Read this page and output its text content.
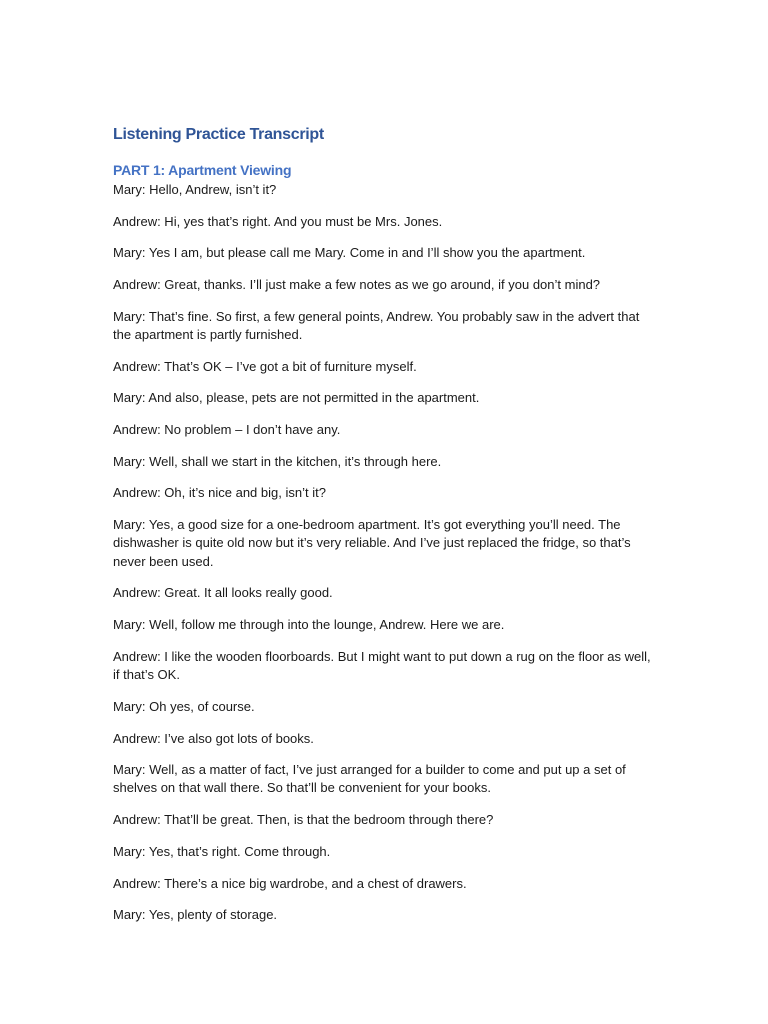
Listening Practice Transcript
PART 1: Apartment Viewing

Mary: Hello, Andrew, isn’t it?

Andrew: Hi, yes that’s right. And you must be Mrs. Jones.

Mary: Yes I am, but please call me Mary. Come in and I’ll show you the apartment.

Andrew: Great, thanks. I’ll just make a few notes as we go around, if you don’t mind?

Mary: That’s fine. So first, a few general points, Andrew. You probably saw in the advert that the apartment is partly furnished.

Andrew: That’s OK – I’ve got a bit of furniture myself.

Mary: And also, please, pets are not permitted in the apartment.

Andrew: No problem – I don’t have any.

Mary: Well, shall we start in the kitchen, it’s through here.

Andrew: Oh, it’s nice and big, isn’t it?

Mary: Yes, a good size for a one-bedroom apartment. It’s got everything you’ll need. The dishwasher is quite old now but it’s very reliable. And I’ve just replaced the fridge, so that’s never been used.

Andrew: Great. It all looks really good.

Mary: Well, follow me through into the lounge, Andrew. Here we are.

Andrew: I like the wooden floorboards. But I might want to put down a rug on the floor as well, if that’s OK.

Mary: Oh yes, of course.

Andrew: I’ve also got lots of books.

Mary: Well, as a matter of fact, I’ve just arranged for a builder to come and put up a set of shelves on that wall there. So that’ll be convenient for your books.

Andrew: That’ll be great. Then, is that the bedroom through there?

Mary: Yes, that’s right. Come through.

Andrew: There’s a nice big wardrobe, and a chest of drawers.

Mary: Yes, plenty of storage.
